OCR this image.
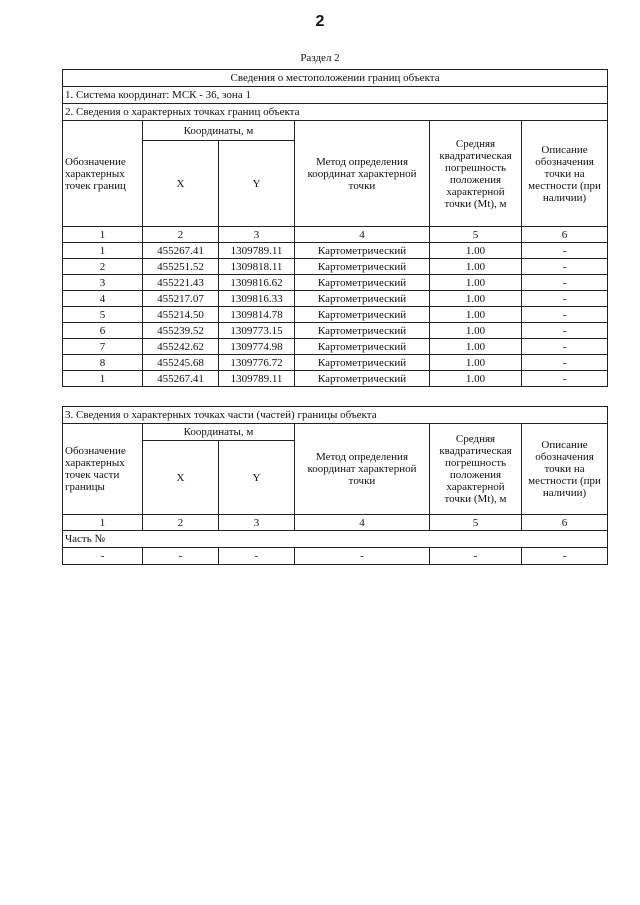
2
Раздел 2
Сведения о местоположении границ объекта					
1. Система координат: МСК - 36, зона 1					
2. Сведения о характерных точках границ объекта					
Обозначение характерных точек границ	Координаты, м		Метод определения координат характерной точки	Средняя квадратическая погрешность положения характерной точки (Mt), м	Описание обозначения точки на местности (при наличии)
	X	Y			
1	2	3	4	5	6
1	455267.41	1309789.11	Картометрический	1.00	-
2	455251.52	1309818.11	Картометрический	1.00	-
3	455221.43	1309816.62	Картометрический	1.00	-
4	455217.07	1309816.33	Картометрический	1.00	-
5	455214.50	1309814.78	Картометрический	1.00	-
6	455239.52	1309773.15	Картометрический	1.00	-
7	455242.62	1309774.98	Картометрический	1.00	-
8	455245.68	1309776.72	Картометрический	1.00	-
1	455267.41	1309789.11	Картометрический	1.00	-
3. Сведения о характерных точках части (частей) границы объекта					
Обозначение характерных точек части границы	Координаты, м		Метод определения координат характерной точки	Средняя квадратическая погрешность положения характерной точки (Mt), м	Описание обозначения точки на местности (при наличии)
	X	Y			
1	2	3	4	5	6
Часть №					
-	-	-	-	-	-
